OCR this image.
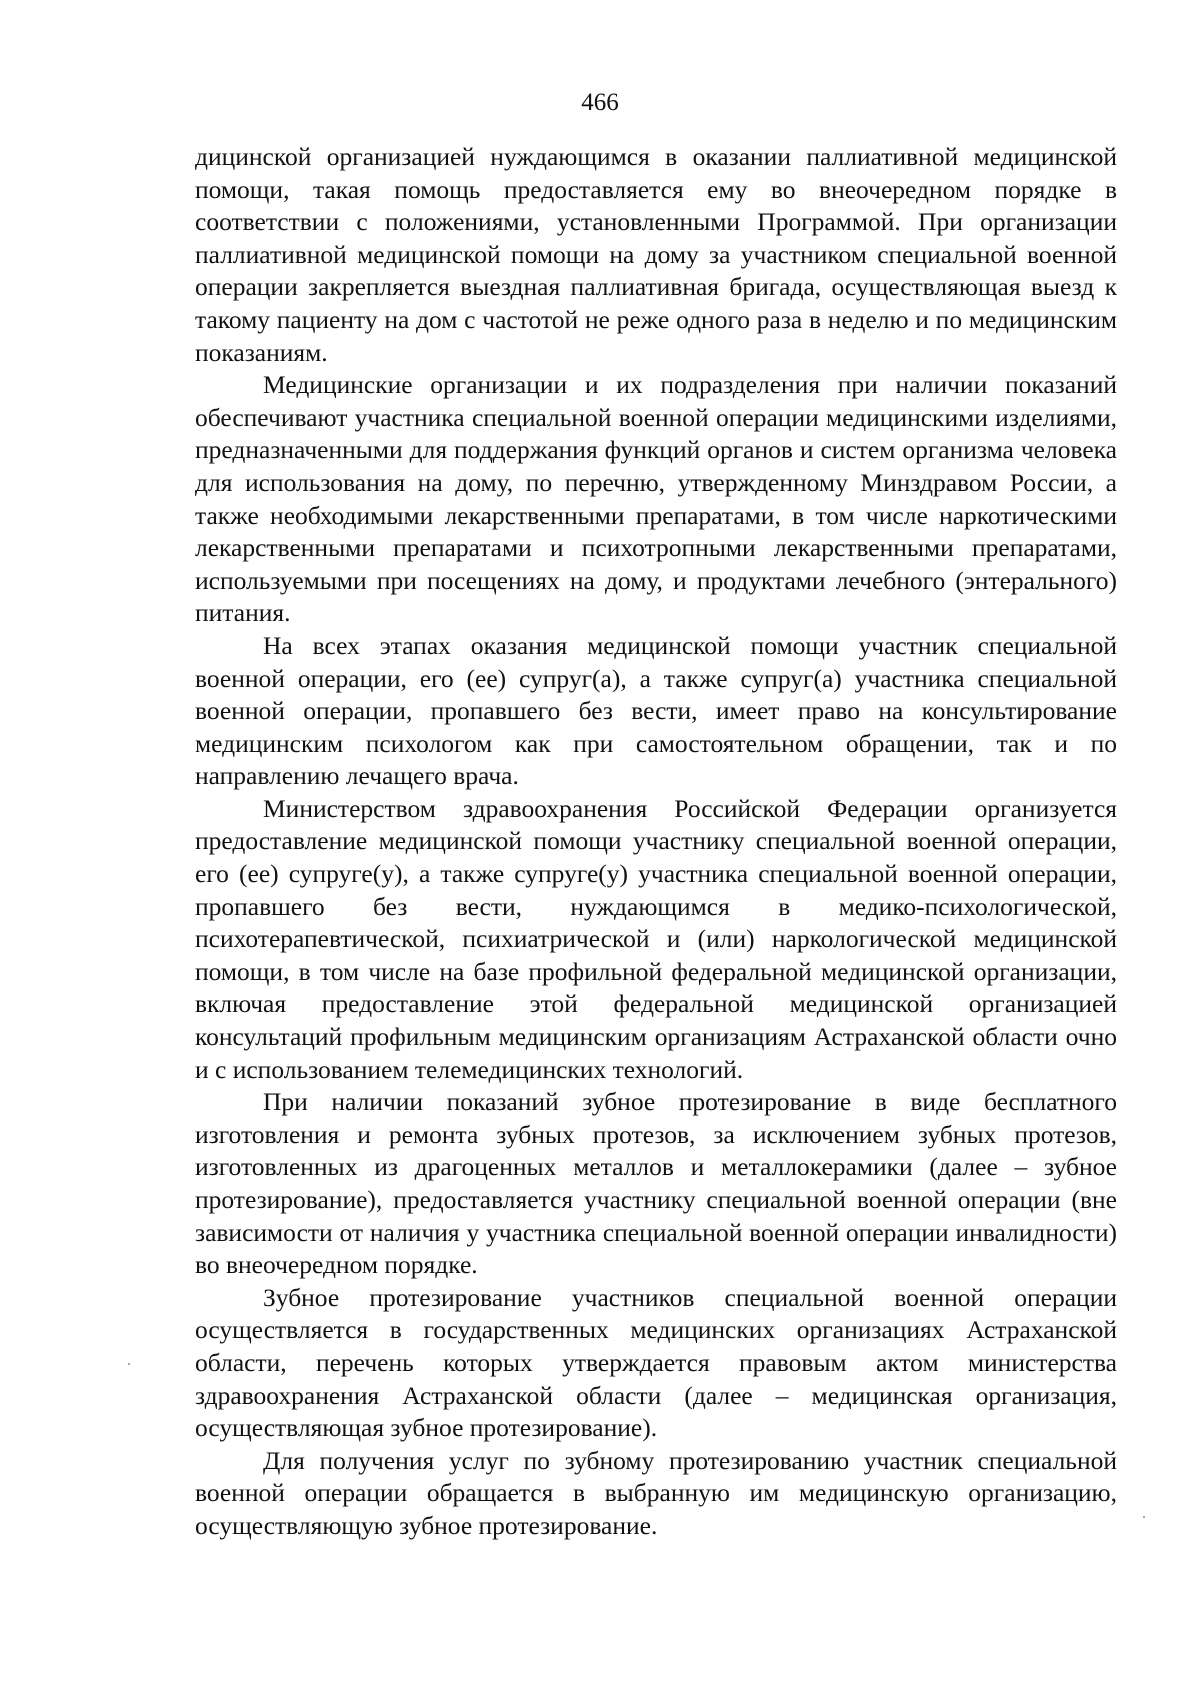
466

дицинской организацией нуждающимся в оказании паллиативной медицинской помощи, такая помощь предоставляется ему во внеочередном порядке в соответствии с положениями, установленными Программой. При организации паллиативной медицинской помощи на дому за участником специальной военной операции закрепляется выездная паллиативная бригада, осуществляющая выезд к такому пациенту на дом с частотой не реже одного раза в неделю и по медицинским показаниям.

Медицинские организации и их подразделения при наличии показаний обеспечивают участника специальной военной операции медицинскими изделиями, предназначенными для поддержания функций органов и систем организма человека для использования на дому, по перечню, утвержденному Минздравом России, а также необходимыми лекарственными препаратами, в том числе наркотическими лекарственными препаратами и психотропными лекарственными препаратами, используемыми при посещениях на дому, и продуктами лечебного (энтерального) питания.

На всех этапах оказания медицинской помощи участник специальной военной операции, его (ее) супруг(а), а также супруг(а) участника специальной военной операции, пропавшего без вести, имеет право на консультирование медицинским психологом как при самостоятельном обращении, так и по направлению лечащего врача.

Министерством здравоохранения Российской Федерации организуется предоставление медицинской помощи участнику специальной военной операции, его (ее) супруге(у), а также супруге(у) участника специальной военной операции, пропавшего без вести, нуждающимся в медико-психологической, психотерапевтической, психиатрической и (или) наркологической медицинской помощи, в том числе на базе профильной федеральной медицинской организации, включая предоставление этой федеральной медицинской организацией консультаций профильным медицинским организациям Астраханской области очно и с использованием телемедицинских технологий.

При наличии показаний зубное протезирование в виде бесплатного изготовления и ремонта зубных протезов, за исключением зубных протезов, изготовленных из драгоценных металлов и металлокерамики (далее – зубное протезирование), предоставляется участнику специальной военной операции (вне зависимости от наличия у участника специальной военной операции инвалидности) во внеочередном порядке.

Зубное протезирование участников специальной военной операции осуществляется в государственных медицинских организациях Астраханской области, перечень которых утверждается правовым актом министерства здравоохранения Астраханской области (далее – медицинская организация, осуществляющая зубное протезирование).

Для получения услуг по зубному протезированию участник специальной военной операции обращается в выбранную им медицинскую организацию, осуществляющую зубное протезирование.
